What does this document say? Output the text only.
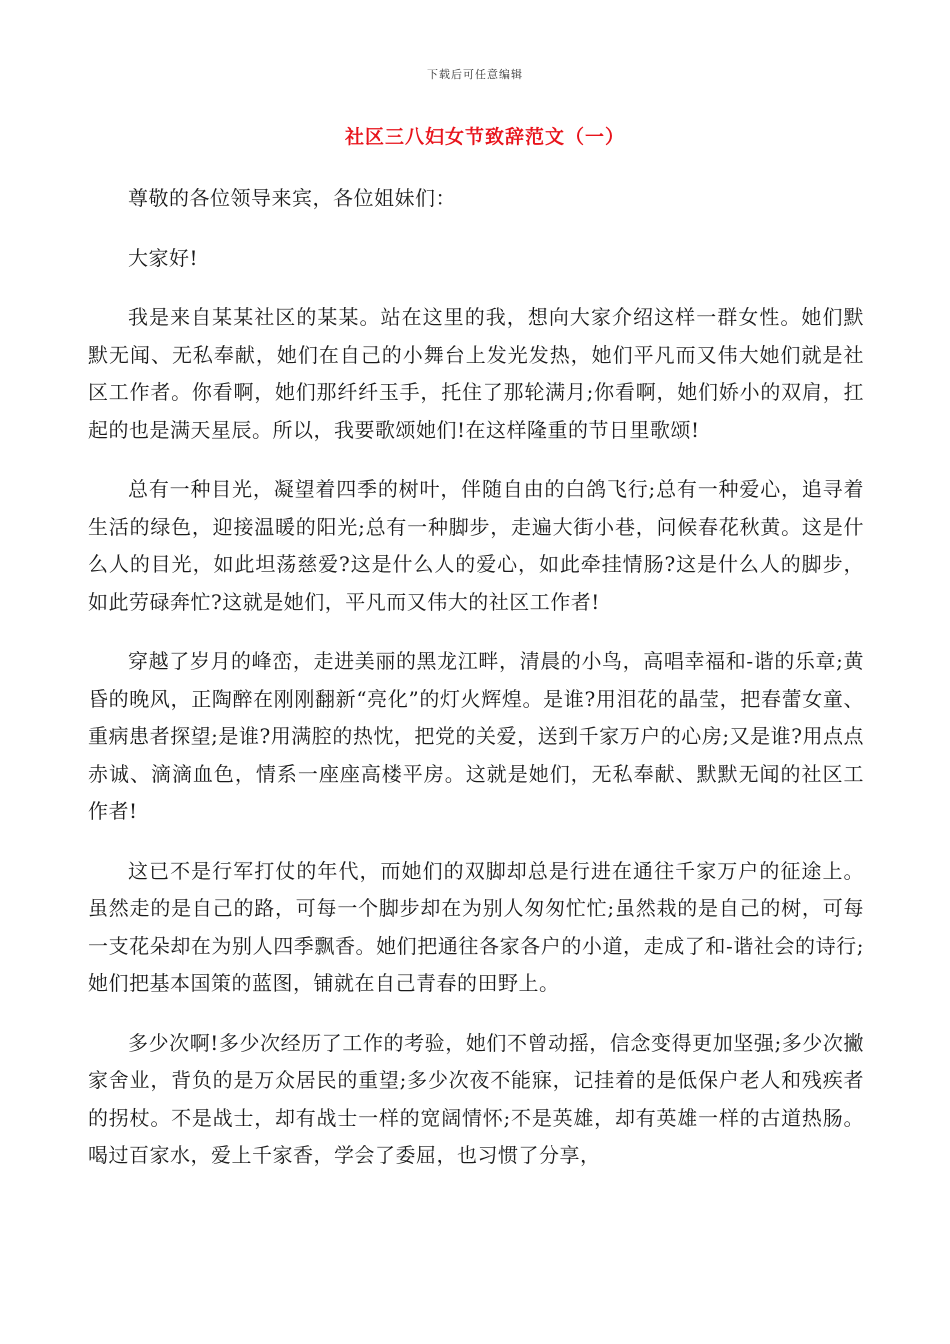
下载后可任意编辑
社区三八妇女节致辞范文（一）

尊敬的各位领导来宾，各位姐妹们：

大家好!

我是来自某某社区的某某。站在这里的我，想向大家介绍这样一群女性。她们默默无闻、无私奉献，她们在自己的小舞台上发光发热，她们平凡而又伟大她们就是社区工作者。你看啊，她们那纤纤玉手，托住了那轮满月;你看啊，她们娇小的双肩，扛起的也是满天星辰。所以，我要歌颂她们!在这样隆重的节日里歌颂!

总有一种目光，凝望着四季的树叶，伴随自由的白鸽飞行;总有一种爱心，追寻着生活的绿色，迎接温暖的阳光;总有一种脚步，走遍大街小巷，问候春花秋黄。这是什么人的目光，如此坦荡慈爱?这是什么人的爱心，如此牵挂情肠?这是什么人的脚步，如此劳碌奔忙?这就是她们，平凡而又伟大的社区工作者!

穿越了岁月的峰峦，走进美丽的黑龙江畔，清晨的小鸟，高唱幸福和-谐的乐章;黄昏的晚风，正陶醉在刚刚翻新“亮化”的灯火辉煌。是谁?用泪花的晶莹，把春蕾女童、重病患者探望;是谁?用满腔的热忱，把党的关爱，送到千家万户的心房;又是谁?用点点赤诚、滴滴血色，情系一座座高楼平房。这就是她们，无私奉献、默默无闻的社区工作者!

这已不是行军打仗的年代，而她们的双脚却总是行进在通往千家万户的征途上。虽然走的是自己的路，可每一个脚步却在为别人匆匆忙忙;虽然栽的是自己的树，可每一支花朵却在为别人四季飘香。她们把通往各家各户的小道，走成了和-谐社会的诗行;她们把基本国策的蓝图，铺就在自己青春的田野上。

多少次啊!多少次经历了工作的考验，她们不曾动摇，信念变得更加坚强;多少次撇家舍业，背负的是万众居民的重望;多少次夜不能寐，记挂着的是低保户老人和残疾者的拐杖。不是战士，却有战士一样的宽阔情怀;不是英雄，却有英雄一样的古道热肠。喝过百家水，爱上千家香，学会了委屈，也习惯了分享，
